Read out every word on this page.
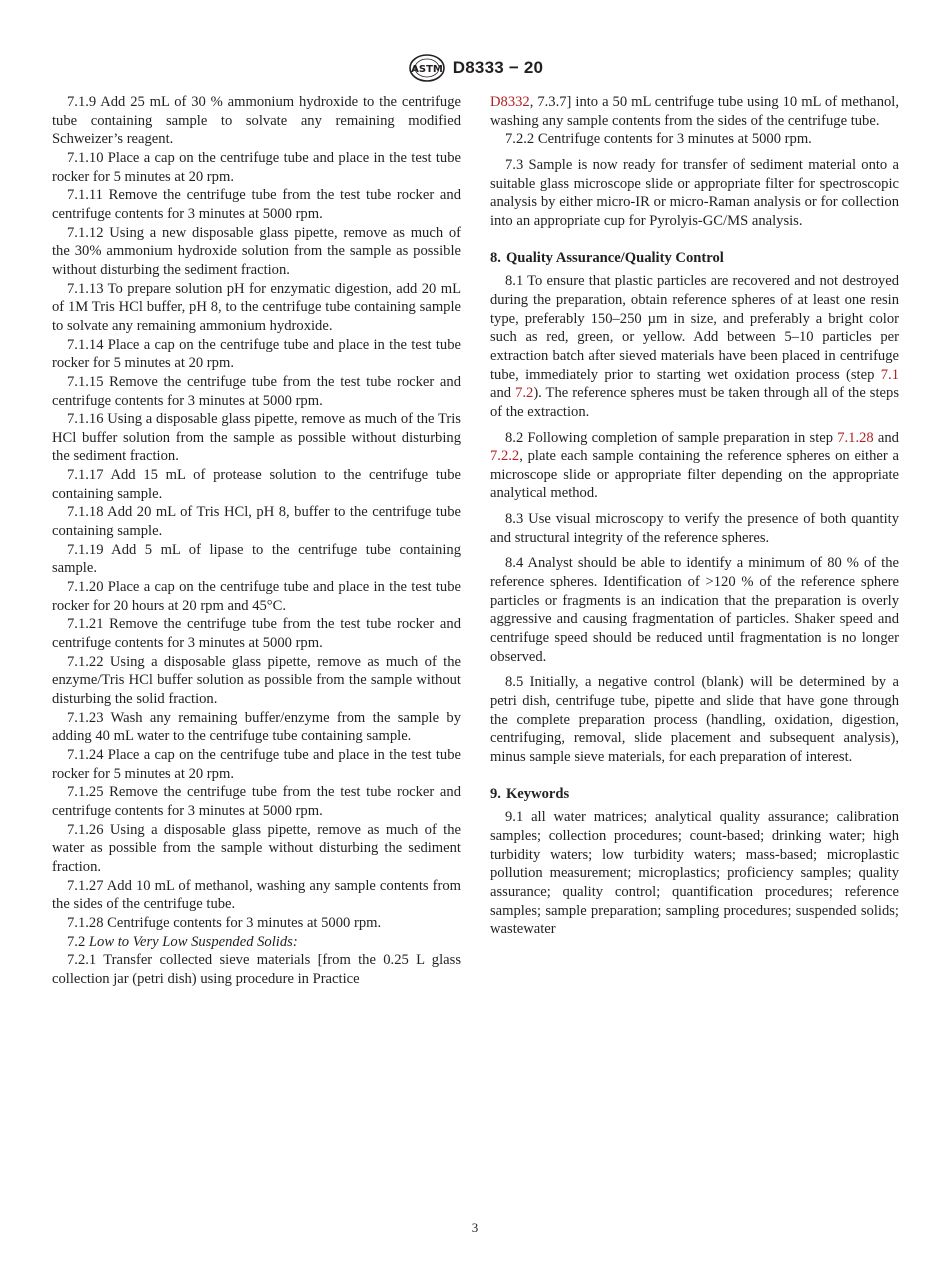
ASTM D8333 − 20

7.1.9 Add 25 mL of 30 % ammonium hydroxide to the centrifuge tube containing sample to solvate any remaining modified Schweizer’s reagent.

7.1.10 Place a cap on the centrifuge tube and place in the test tube rocker for 5 minutes at 20 rpm.

7.1.11 Remove the centrifuge tube from the test tube rocker and centrifuge contents for 3 minutes at 5000 rpm.

7.1.12 Using a new disposable glass pipette, remove as much of the 30% ammonium hydroxide solution from the sample as possible without disturbing the sediment fraction.

7.1.13 To prepare solution pH for enzymatic digestion, add 20 mL of 1M Tris HCl buffer, pH 8, to the centrifuge tube containing sample to solvate any remaining ammonium hydroxide.

7.1.14 Place a cap on the centrifuge tube and place in the test tube rocker for 5 minutes at 20 rpm.

7.1.15 Remove the centrifuge tube from the test tube rocker and centrifuge contents for 3 minutes at 5000 rpm.

7.1.16 Using a disposable glass pipette, remove as much of the Tris HCl buffer solution from the sample as possible without disturbing the sediment fraction.

7.1.17 Add 15 mL of protease solution to the centrifuge tube containing sample.

7.1.18 Add 20 mL of Tris HCl, pH 8, buffer to the centrifuge tube containing sample.

7.1.19 Add 5 mL of lipase to the centrifuge tube containing sample.

7.1.20 Place a cap on the centrifuge tube and place in the test tube rocker for 20 hours at 20 rpm and 45°C.

7.1.21 Remove the centrifuge tube from the test tube rocker and centrifuge contents for 3 minutes at 5000 rpm.

7.1.22 Using a disposable glass pipette, remove as much of the enzyme/Tris HCl buffer solution as possible from the sample without disturbing the solid fraction.

7.1.23 Wash any remaining buffer/enzyme from the sample by adding 40 mL water to the centrifuge tube containing sample.

7.1.24 Place a cap on the centrifuge tube and place in the test tube rocker for 5 minutes at 20 rpm.

7.1.25 Remove the centrifuge tube from the test tube rocker and centrifuge contents for 3 minutes at 5000 rpm.

7.1.26 Using a disposable glass pipette, remove as much of the water as possible from the sample without disturbing the sediment fraction.

7.1.27 Add 10 mL of methanol, washing any sample contents from the sides of the centrifuge tube.

7.1.28 Centrifuge contents for 3 minutes at 5000 rpm.

7.2 Low to Very Low Suspended Solids:

7.2.1 Transfer collected sieve materials [from the 0.25 L glass collection jar (petri dish) using procedure in Practice

D8332, 7.3.7] into a 50 mL centrifuge tube using 10 mL of methanol, washing any sample contents from the sides of the centrifuge tube.

7.2.2 Centrifuge contents for 3 minutes at 5000 rpm.

7.3 Sample is now ready for transfer of sediment material onto a suitable glass microscope slide or appropriate filter for spectroscopic analysis by either micro-IR or micro-Raman analysis or for collection into an appropriate cup for Pyrolyis-GC/MS analysis.

8. Quality Assurance/Quality Control

8.1 To ensure that plastic particles are recovered and not destroyed during the preparation, obtain reference spheres of at least one resin type, preferably 150–250 µm in size, and preferably a bright color such as red, green, or yellow. Add between 5–10 particles per extraction batch after sieved materials have been placed in centrifuge tube, immediately prior to starting wet oxidation process (step 7.1 and 7.2). The reference spheres must be taken through all of the steps of the extraction.

8.2 Following completion of sample preparation in step 7.1.28 and 7.2.2, plate each sample containing the reference spheres on either a microscope slide or appropriate filter depending on the appropriate analytical method.

8.3 Use visual microscopy to verify the presence of both quantity and structural integrity of the reference spheres.

8.4 Analyst should be able to identify a minimum of 80 % of the reference spheres. Identification of >120 % of the reference sphere particles or fragments is an indication that the preparation is overly aggressive and causing fragmentation of particles. Shaker speed and centrifuge speed should be reduced until fragmentation is no longer observed.

8.5 Initially, a negative control (blank) will be determined by a petri dish, centrifuge tube, pipette and slide that have gone through the complete preparation process (handling, oxidation, digestion, centrifuging, removal, slide placement and subsequent analysis), minus sample sieve materials, for each preparation of interest.

9. Keywords

9.1 all water matrices; analytical quality assurance; calibration samples; collection procedures; count-based; drinking water; high turbidity waters; low turbidity waters; mass-based; microplastic pollution measurement; microplastics; proficiency samples; quality assurance; quality control; quantification procedures; reference samples; sample preparation; sampling procedures; suspended solids; wastewater

3
